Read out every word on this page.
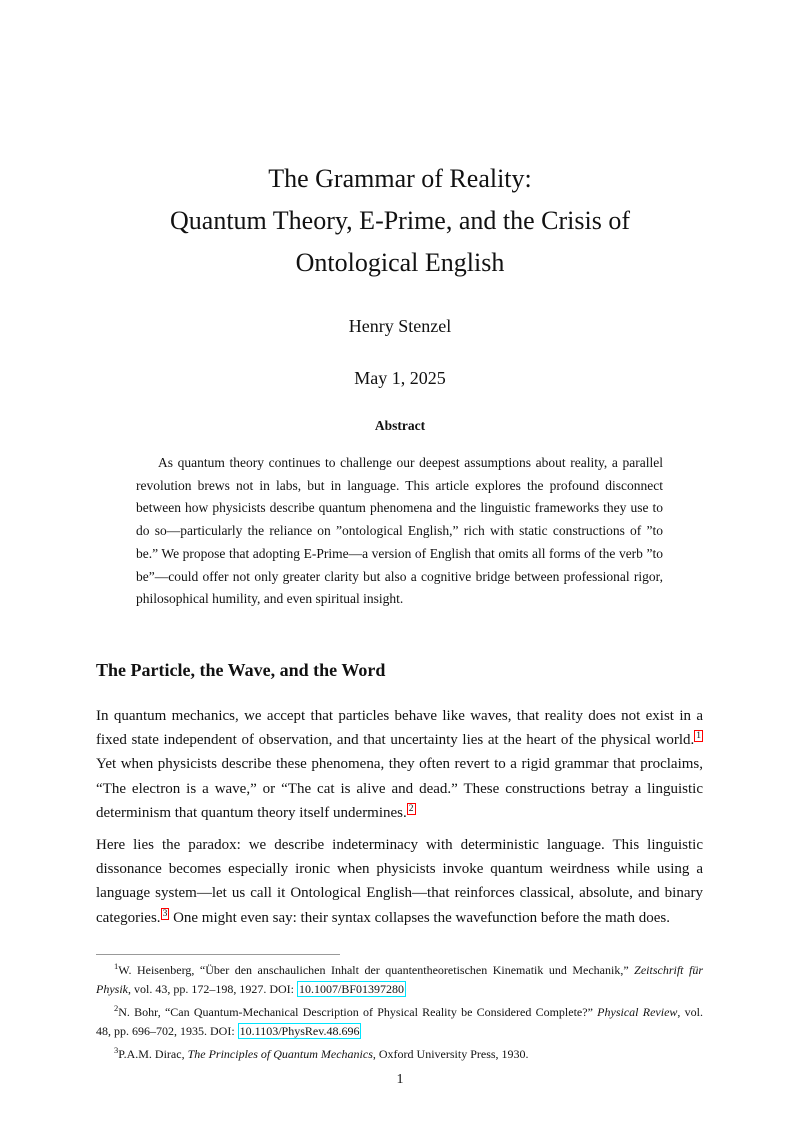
The Grammar of Reality:
Quantum Theory, E-Prime, and the Crisis of
Ontological English
Henry Stenzel
May 1, 2025
Abstract

As quantum theory continues to challenge our deepest assumptions about reality, a parallel revolution brews not in labs, but in language. This article explores the profound disconnect between how physicists describe quantum phenomena and the linguistic frameworks they use to do so—particularly the reliance on ”ontological English,” rich with static constructions of ”to be.” We propose that adopting E-Prime—a version of English that omits all forms of the verb ”to be”—could offer not only greater clarity but also a cognitive bridge between professional rigor, philosophical humility, and even spiritual insight.

The Particle, the Wave, and the Word

In quantum mechanics, we accept that particles behave like waves, that reality does not exist in a fixed state independent of observation, and that uncertainty lies at the heart of the physical world. $^1$ Yet when physicists describe these phenomena, they often revert to a rigid grammar that proclaims, “The electron is a wave,” or “The cat is alive and dead.” These constructions betray a linguistic determinism that quantum theory itself undermines. $^2$

Here lies the paradox: we describe indeterminacy with deterministic language. This linguistic dissonance becomes especially ironic when physicists invoke quantum weirdness while using a language system—let us call it Ontological English—that reinforces classical, absolute, and binary categories. $^3$ One might even say: their syntax collapses the wavefunction before the math does.

$^1$W. Heisenberg, “Über den anschaulichen Inhalt der quantentheoretischen Kinematik und Mechanik,” Zeitschrift für Physik, vol. 43, pp. 172–198, 1927. DOI: 10.1007/BF01397280

$^2$N. Bohr, “Can Quantum-Mechanical Description of Physical Reality be Considered Complete?” Physical Review, vol. 48, pp. 696–702, 1935. DOI: 10.1103/PhysRev.48.696

$^3$P.A.M. Dirac, The Principles of Quantum Mechanics, Oxford University Press, 1930.

1
